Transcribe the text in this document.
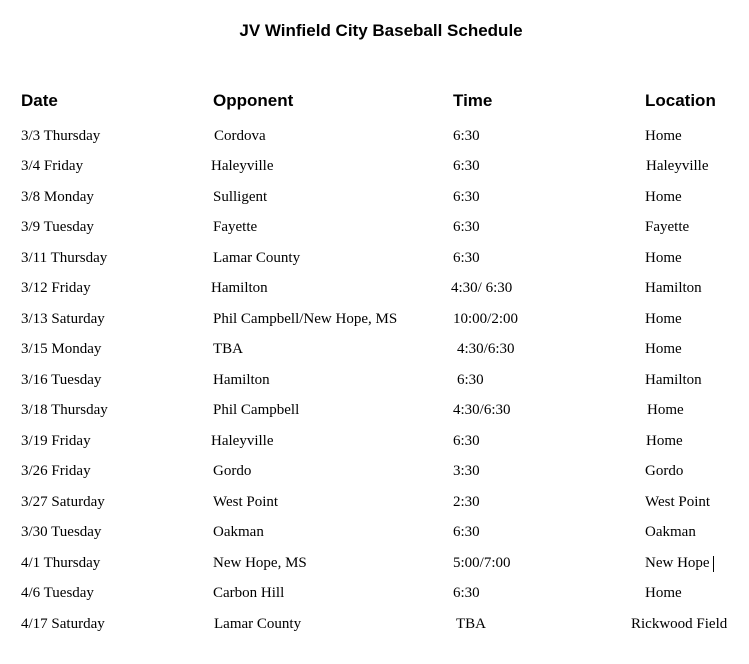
JV Winfield City Baseball Schedule
Date	Opponent	Time	Location
3/3 Thursday	Cordova	6:30	Home
3/4 Friday	Haleyville	6:30	Haleyville
3/8 Monday	Sulligent	6:30	Home
3/9 Tuesday	Fayette	6:30	Fayette
3/11 Thursday	Lamar County	6:30	Home
3/12 Friday	Hamilton	4:30/ 6:30	Hamilton
3/13 Saturday	Phil Campbell/New Hope, MS	10:00/2:00	Home
3/15 Monday	TBA	4:30/6:30	Home
3/16 Tuesday	Hamilton	6:30	Hamilton
3/18 Thursday	Phil Campbell	4:30/6:30	Home
3/19 Friday	Haleyville	6:30	Home
3/26 Friday	Gordo	3:30	Gordo
3/27 Saturday	West Point	2:30	West Point
3/30 Tuesday	Oakman	6:30	Oakman
4/1 Thursday	New Hope, MS	5:00/7:00	New Hope
4/6 Tuesday	Carbon Hill	6:30	Home
4/17 Saturday	Lamar County	TBA	Rickwood Field
